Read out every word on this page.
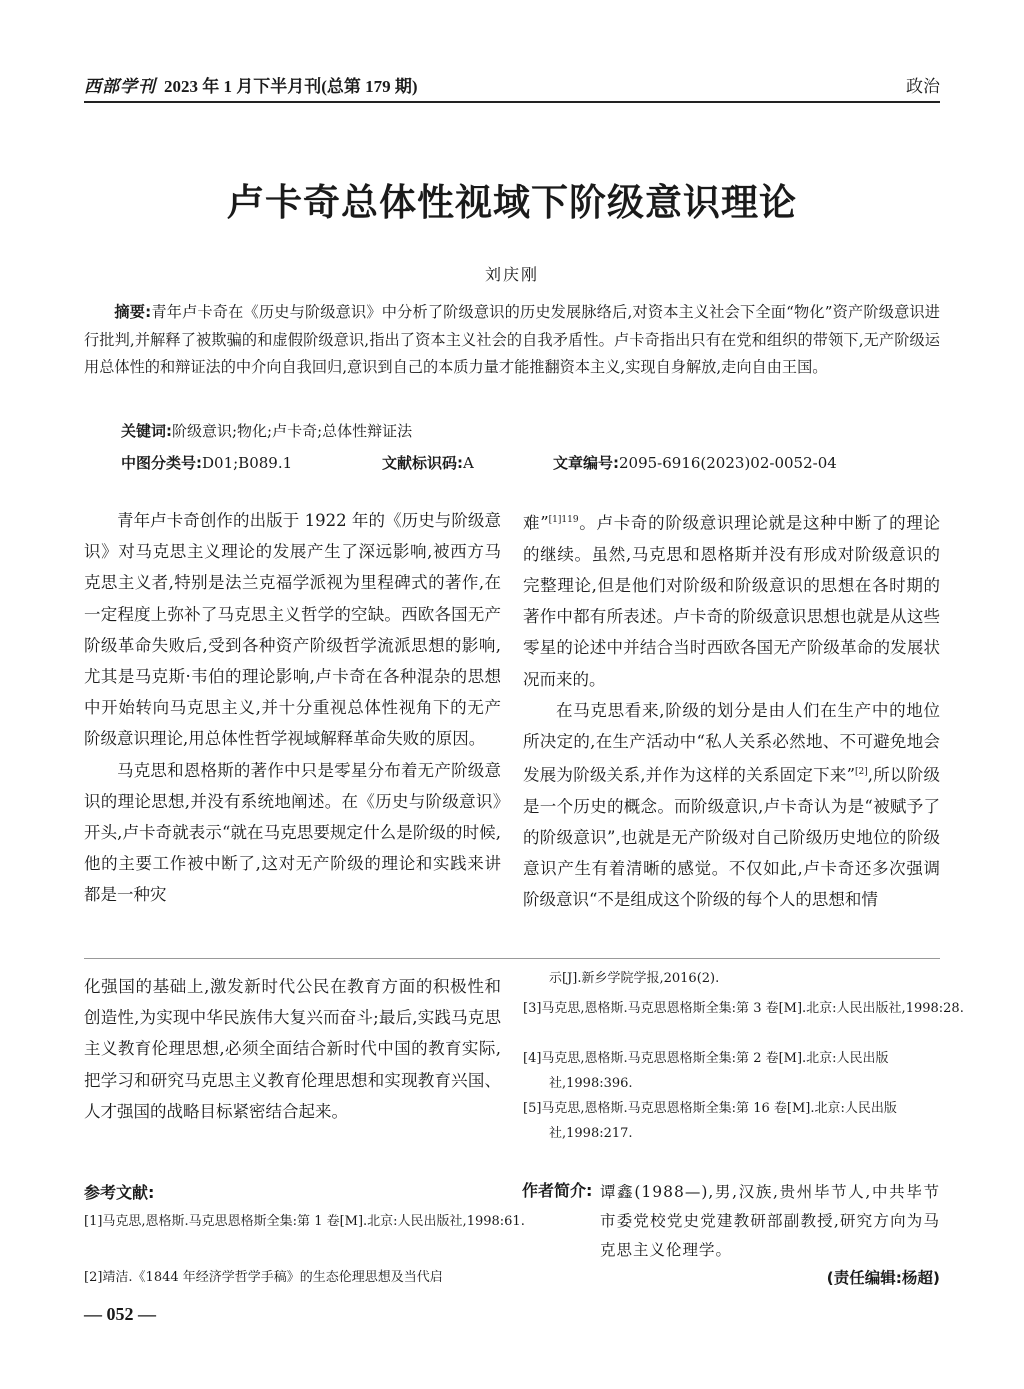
西部学刊 2023 年 1 月下半月刊(总第 179 期)	政治
卢卡奇总体性视域下阶级意识理论
刘庆刚
摘要:青年卢卡奇在《历史与阶级意识》中分析了阶级意识的历史发展脉络后,对资本主义社会下全面“物化”资产阶级意识进行批判,并解释了被欺骗的和虚假阶级意识,指出了资本主义社会的自我矛盾性。卢卡奇指出只有在党和组织的带领下,无产阶级运用总体性的和辩证法的中介向自我回归,意识到自己的本质力量才能推翻资本主义,实现自身解放,走向自由王国。
关键词:阶级意识;物化;卢卡奇;总体性辩证法
中图分类号:D01;B089.1	文献标识码:A	文章编号:2095-6916(2023)02-0052-04

青年卢卡奇创作的出版于 1922 年的《历史与阶级意识》对马克思主义理论的发展产生了深远影响,被西方马克思主义者,特别是法兰克福学派视为里程碑式的著作,在一定程度上弥补了马克思主义哲学的空缺。西欧各国无产阶级革命失败后,受到各种资产阶级哲学流派思想的影响,尤其是马克斯·韦伯的理论影响,卢卡奇在各种混杂的思想中开始转向马克思主义,并十分重视总体性视角下的无产阶级意识理论,用总体性哲学视域解释革命失败的原因。

马克思和恩格斯的著作中只是零星分布着无产阶级意识的理论思想,并没有系统地阐述。在《历史与阶级意识》开头,卢卡奇就表示“就在马克思要规定什么是阶级的时候,他的主要工作被中断了,这对无产阶级的理论和实践来讲都是一种灾

难”$^{[1]119}$。卢卡奇的阶级意识理论就是这种中断了的理论的继续。虽然,马克思和恩格斯并没有形成对阶级意识的完整理论,但是他们对阶级和阶级意识的思想在各时期的著作中都有所表述。卢卡奇的阶级意识思想也就是从这些零星的论述中并结合当时西欧各国无产阶级革命的发展状况而来的。

在马克思看来,阶级的划分是由人们在生产中的地位所决定的,在生产活动中“私人关系必然地、不可避免地会发展为阶级关系,并作为这样的关系固定下来”[2],所以阶级是一个历史的概念。而阶级意识,卢卡奇认为是“被赋予了的阶级意识”,也就是无产阶级对自己阶级历史地位的阶级意识产生有着清晰的感觉。不仅如此,卢卡奇还多次强调阶级意识“不是组成这个阶级的每个人的思想和情

化强国的基础上,激发新时代公民在教育方面的积极性和创造性,为实现中华民族伟大复兴而奋斗;最后,实践马克思主义教育伦理思想,必须全面结合新时代中国的教育实际,把学习和研究马克思主义教育伦理思想和实现教育兴国、人才强国的战略目标紧密结合起来。

参考文献:
[1]马克思,恩格斯.马克思恩格斯全集:第 1 卷[M].北京:人民出版社,1998:61.
[2]靖洁.《1844 年经济学哲学手稿》的生态伦理思想及当代启
示[J].新乡学院学报,2016(2).
[3]马克思,恩格斯.马克思恩格斯全集:第 3 卷[M].北京:人民出版社,1998:28.
[4]马克思,恩格斯.马克思恩格斯全集:第 2 卷[M].北京:人民出版社,1998:396.
[5]马克思,恩格斯.马克思恩格斯全集:第 16 卷[M].北京:人民出版社,1998:217.
作者简介: 谭鑫(1988—),男,汉族,贵州毕节人,中共毕节市委党校党史党建教研部副教授,研究方向为马克思主义伦理学。
(责任编辑:杨超)
— 052 —
